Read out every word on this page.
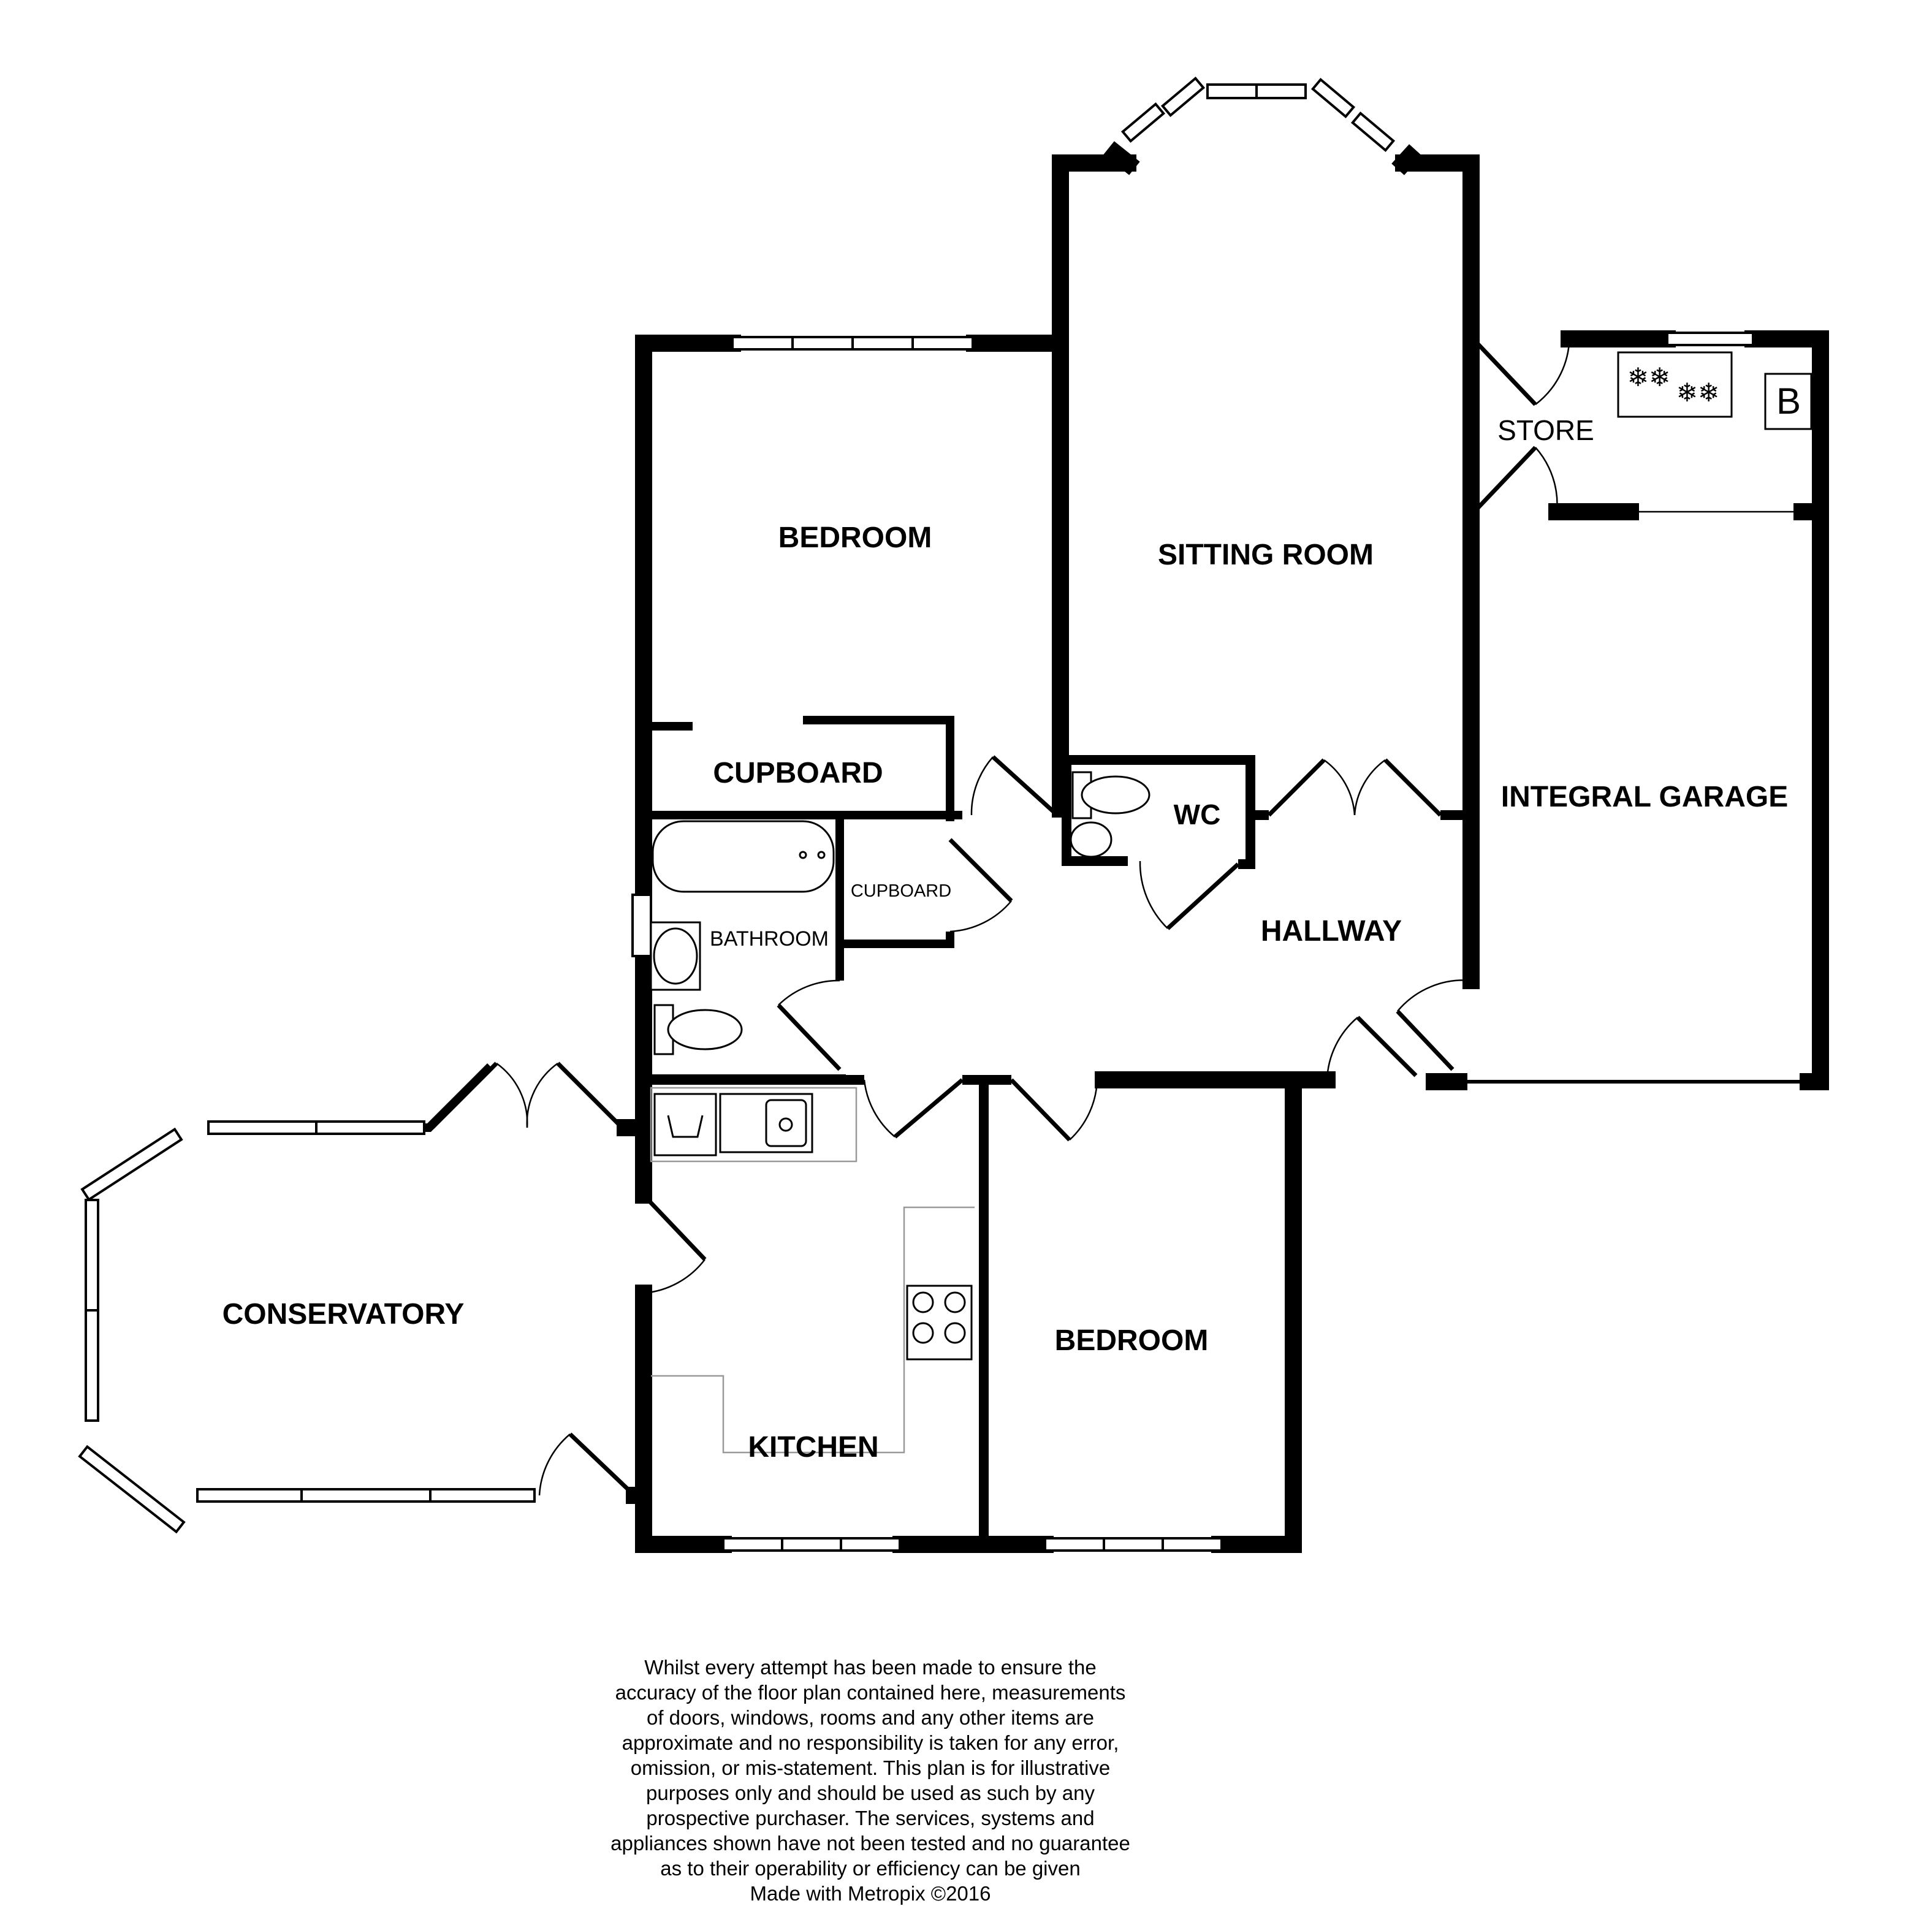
❄❄
❄❄ B
BEDROOM
SITTING ROOM
STORE
INTEGRAL GARAGE
CUPBOARD
CUPBOARD
WC
BATHROOM	HALLWAY
CONSERVATORY
KITCHEN
BEDROOM

Whilst every attempt has been made to ensure the accuracy of the floor plan contained here, measurements of doors, windows, rooms and any other items are approximate and no responsibility is taken for any error, omission, or mis-statement. This plan is for illustrative purposes only and should be used as such by any prospective purchaser. The services, systems and appliances shown have not been tested and no guarantee as to their operability or efficiency can be given

Made with Metropix ©2016
